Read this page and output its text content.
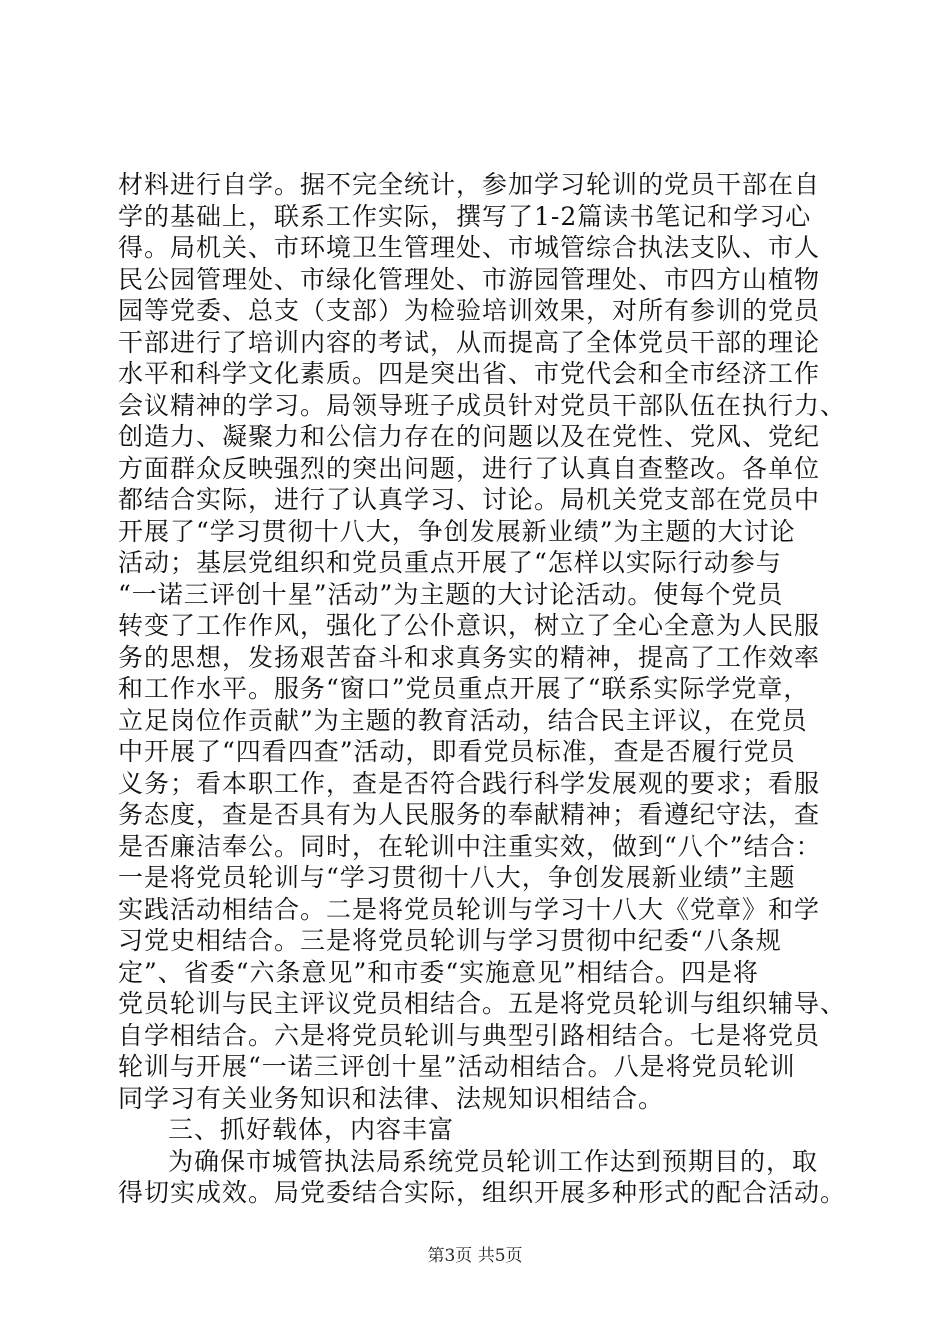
材料进行自学。据不完全统计，参加学习轮训的党员干部在自
学的基础上，联系工作实际，撰写了1-2篇读书笔记和学习心
得。局机关、市环境卫生管理处、市城管综合执法支队、市人
民公园管理处、市绿化管理处、市游园管理处、市四方山植物
园等党委、总支（支部）为检验培训效果，对所有参训的党员
干部进行了培训内容的考试，从而提高了全体党员干部的理论
水平和科学文化素质。四是突出省、市党代会和全市经济工作
会议精神的学习。局领导班子成员针对党员干部队伍在执行力、
创造力、凝聚力和公信力存在的问题以及在党性、党风、党纪
方面群众反映强烈的突出问题，进行了认真自查整改。各单位
都结合实际，进行了认真学习、讨论。局机关党支部在党员中
开展了“学习贯彻十八大，争创发展新业绩”为主题的大讨论
活动；基层党组织和党员重点开展了“怎样以实际行动参与
“一诺三评创十星”活动”为主题的大讨论活动。使每个党员
转变了工作作风，强化了公仆意识，树立了全心全意为人民服
务的思想，发扬艰苦奋斗和求真务实的精神，提高了工作效率
和工作水平。服务“窗口”党员重点开展了“联系实际学党章，
立足岗位作贡献”为主题的教育活动，结合民主评议，在党员
中开展了“四看四查”活动，即看党员标准，查是否履行党员
义务；看本职工作，查是否符合践行科学发展观的要求；看服
务态度，查是否具有为人民服务的奉献精神；看遵纪守法，查
是否廉洁奉公。同时，在轮训中注重实效，做到“八个”结合：
一是将党员轮训与“学习贯彻十八大，争创发展新业绩”主题
实践活动相结合。二是将党员轮训与学习十八大《党章》和学
习党史相结合。三是将党员轮训与学习贯彻中纪委“八条规
定”、省委“六条意见”和市委“实施意见”相结合。四是将
党员轮训与民主评议党员相结合。五是将党员轮训与组织辅导、
自学相结合。六是将党员轮训与典型引路相结合。七是将党员
轮训与开展“一诺三评创十星”活动相结合。八是将党员轮训
同学习有关业务知识和法律、法规知识相结合。
三、抓好载体，内容丰富
为确保市城管执法局系统党员轮训工作达到预期目的，取
得切实成效。局党委结合实际，组织开展多种形式的配合活动。

第3页 共5页
